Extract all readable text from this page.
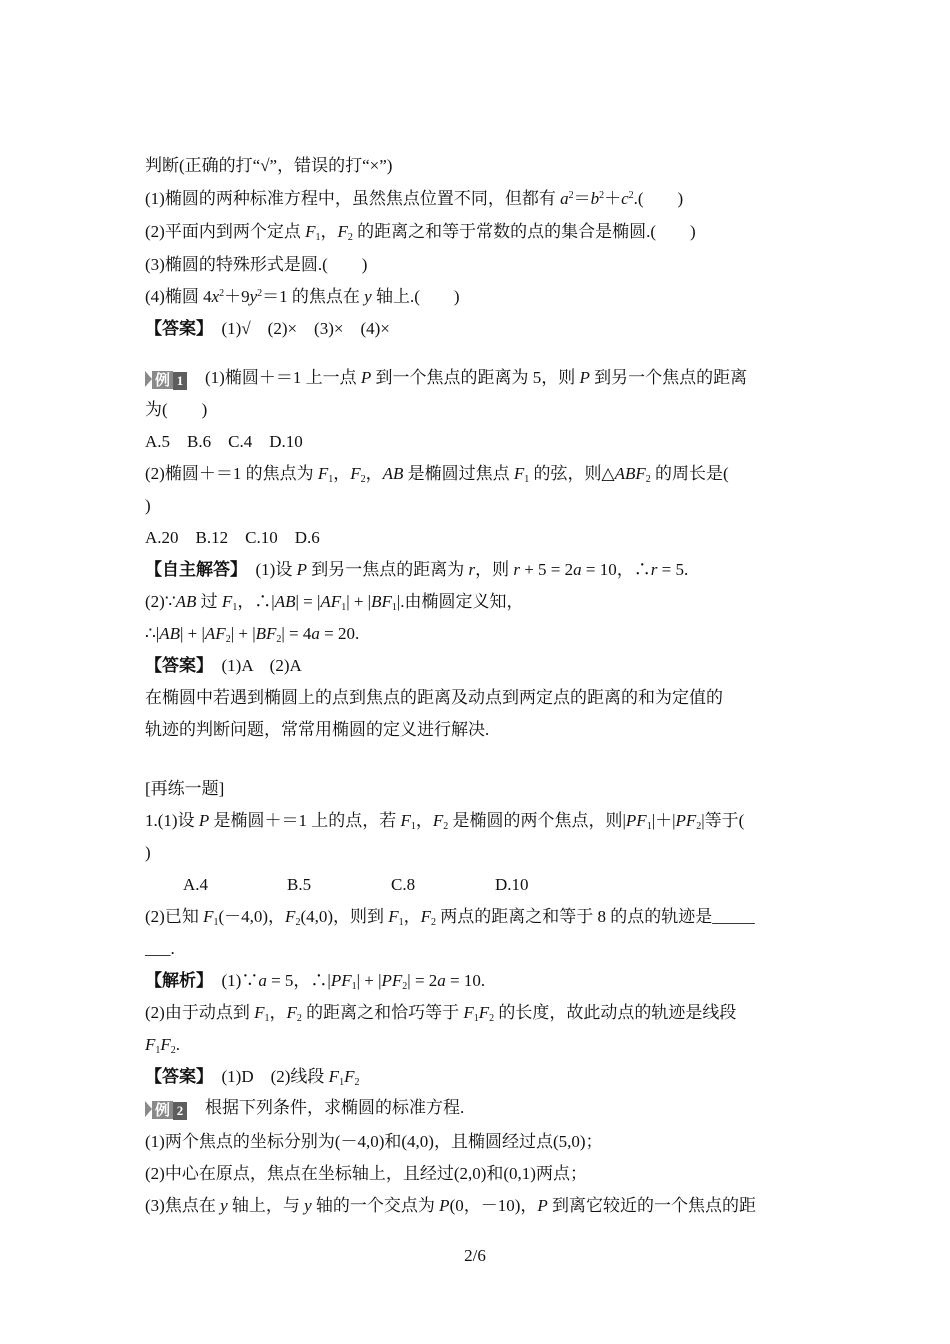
判断(正确的打“√”，错误的打“×”)
(1)椭圆的两种标准方程中，虽然焦点位置不同，但都有 $a^2=b^2+c^2$.(　　)
(2)平面内到两个定点 $F_1$，$F_2$ 的距离之和等于常数的点的集合是椭圆.(　　)
(3)椭圆的特殊形式是圆.(　　)
(4)椭圆 $4x^2+9y^2=1$ 的焦点在 y 轴上.(　　)
【答案】　 (1)√　(2)×　(3)×　(4)×
例 1 (1)椭圆＋＝1 上一点 P 到一个焦点的距离为 5，则 P 到另一个焦点的距离
为(　　)
A.5　B.6　C.4　D.10
(2)椭圆＋＝1 的焦点为 $F_1$，$F_2$，AB 是椭圆过焦点 $F_1$ 的弦，则$\triangle ABF_2$ 的周长是(
)
A.20　B.12　C.10　D.6
【自主解答】　(1)设 P 到另一焦点的距离为 r，则 r + 5 = 2a = 10，∴r = 5.
(2)∵AB 过 $F_1$，∴|AB| = $|AF_1| + |BF_1|$.由椭圆定义知，
∴|AB| + $|AF_2| + |BF_2| = 4a = 20$.
【答案】　 (1)A　(2)A
在椭圆中若遇到椭圆上的点到焦点的距离及动点到两定点的距离的和为定值的
轨迹的判断问题，常常用椭圆的定义进行解决.
[再练一题]
1.(1)设 P 是椭圆＋＝1 上的点，若 $F_1$，$F_2$ 是椭圆的两个焦点，则$|PF_1|+|PF_2|$等于(
)
A.4	B.5	C.8	D.10
(2)已知 $F_1(-4,0)$，$F_2(4,0)$，则到 $F_1$，$F_2$ 两点的距离之和等于 8 的点的轨迹是_____
___.
【解析】　(1)∵a = 5，$\therefore|PF_1| + |PF_2| = 2a = 10$.
(2)由于动点到 $F_1$，$F_2$ 的距离之和恰巧等于 $F_1F_2$ 的长度，故此动点的轨迹是线段
$F_1F_2$.
【答案】　(1)D　(2)线段 $F_1F_2$
例 2 根据下列条件，求椭圆的标准方程.
(1)两个焦点的坐标分别为(－4,0)和(4,0)，且椭圆经过点(5,0)；
(2)中心在原点，焦点在坐标轴上，且经过(2,0)和(0,1)两点；
(3)焦点在 y 轴上，与 y 轴的一个交点为 P(0，－10)，P 到离它较近的一个焦点的距
2/6
